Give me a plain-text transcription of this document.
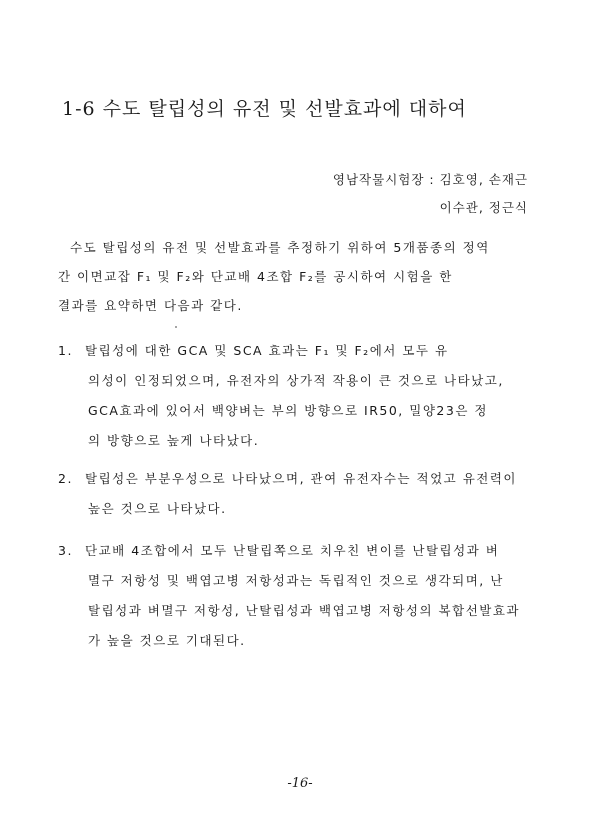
1-6 수도 탈립성의 유전 및 선발효과에 대하여
영남작물시험장 : 김호영, 손재근
이수관, 정근식
수도 탈립성의 유전 및 선발효과를 추정하기 위하여 5개품종의 정역
간 이면교잡 F₁ 및 F₂와 단교배 4조합 F₂를 공시하여 시험을 한
결과를 요약하면 다음과 같다.
1. 탈립성에 대한 GCA 및 SCA 효과는 F₁ 및 F₂에서 모두 유
의성이 인정되었으며, 유전자의 상가적 작용이 큰 것으로 나타났고,
GCA효과에 있어서 백양벼는 부의 방향으로 IR50, 밀양23은 정
의 방향으로 높게 나타났다.
2. 탈립성은 부분우성으로 나타났으며, 관여 유전자수는 적었고 유전력이
높은 것으로 나타났다.
3. 단교배 4조합에서 모두 난탈립쪽으로 치우친 변이를 난탈립성과 벼
멸구 저항성 및 백엽고병 저항성과는 독립적인 것으로 생각되며, 난
탈립성과 벼멸구 저항성, 난탈립성과 백엽고병 저항성의 복합선발효과
가 높을 것으로 기대된다.
-16-
